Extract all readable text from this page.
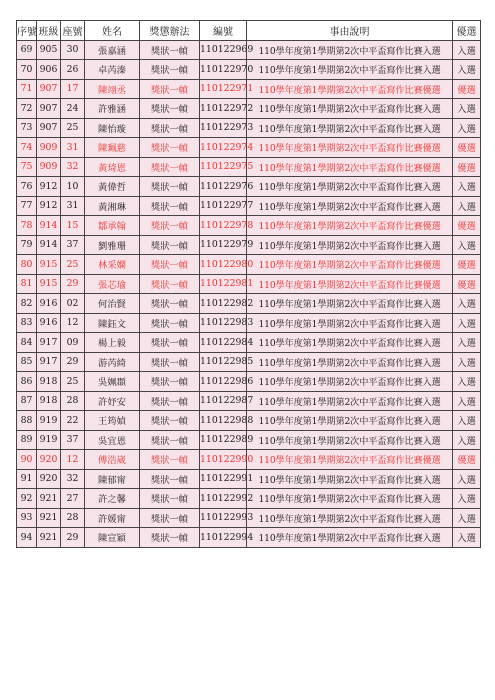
序號	班級	座號	姓名	獎懲辦法	編號	事由說明	優選
69	905	30	張嘉涵	獎狀一幀	110122969	110學年度第1學期第2次中平盃寫作比賽入選	入選
70	906	26	卓芮溱	獎狀一幀	110122970	110學年度第1學期第2次中平盃寫作比賽入選	入選
71	907	17	陳翊丞	獎狀一幀	110122971	110學年度第1學期第2次中平盃寫作比賽優選	優選
72	907	24	許雅涵	獎狀一幀	110122972	110學年度第1學期第2次中平盃寫作比賽入選	入選
73	907	25	陳怡璇	獎狀一幀	110122973	110學年度第1學期第2次中平盃寫作比賽入選	入選
74	909	31	陳珮慈	獎狀一幀	110122974	110學年度第1學期第2次中平盃寫作比賽優選	優選
75	909	32	黃琦恩	獎狀一幀	110122975	110學年度第1學期第2次中平盃寫作比賽優選	優選
76	912	10	黃偉哲	獎狀一幀	110122976	110學年度第1學期第2次中平盃寫作比賽入選	入選
77	912	31	黃湘琳	獎狀一幀	110122977	110學年度第1學期第2次中平盃寫作比賽入選	入選
78	914	15	鄒承翰	獎狀一幀	110122978	110學年度第1學期第2次中平盃寫作比賽優選	優選
79	914	37	劉雅珊	獎狀一幀	110122979	110學年度第1學期第2次中平盃寫作比賽入選	入選
80	915	25	林采嫻	獎狀一幀	110122980	110學年度第1學期第2次中平盃寫作比賽優選	優選
81	915	29	張芯瑜	獎狀一幀	110122981	110學年度第1學期第2次中平盃寫作比賽優選	優選
82	916	02	何治賢	獎狀一幀	110122982	110學年度第1學期第2次中平盃寫作比賽入選	入選
83	916	12	陳鈺文	獎狀一幀	110122983	110學年度第1學期第2次中平盃寫作比賽入選	入選
84	917	09	楊上毅	獎狀一幀	110122984	110學年度第1學期第2次中平盃寫作比賽入選	入選
85	917	29	游芮綺	獎狀一幀	110122985	110學年度第1學期第2次中平盃寫作比賽入選	入選
86	918	25	吳姵頵	獎狀一幀	110122986	110學年度第1學期第2次中平盃寫作比賽入選	入選
87	918	28	許妤安	獎狀一幀	110122987	110學年度第1學期第2次中平盃寫作比賽入選	入選
88	919	22	王筠媜	獎狀一幀	110122988	110學年度第1學期第2次中平盃寫作比賽入選	入選
89	919	37	吳宜恩	獎狀一幀	110122989	110學年度第1學期第2次中平盃寫作比賽入選	入選
90	920	12	傅浩崴	獎狀一幀	110122990	110學年度第1學期第2次中平盃寫作比賽優選	優選
91	920	32	陳郁甯	獎狀一幀	110122991	110學年度第1學期第2次中平盃寫作比賽入選	入選
92	921	27	許之馨	獎狀一幀	110122992	110學年度第1學期第2次中平盃寫作比賽入選	入選
93	921	28	許媛甯	獎狀一幀	110122993	110學年度第1學期第2次中平盃寫作比賽入選	入選
94	921	29	陳宣穎	獎狀一幀	110122994	110學年度第1學期第2次中平盃寫作比賽入選	入選
